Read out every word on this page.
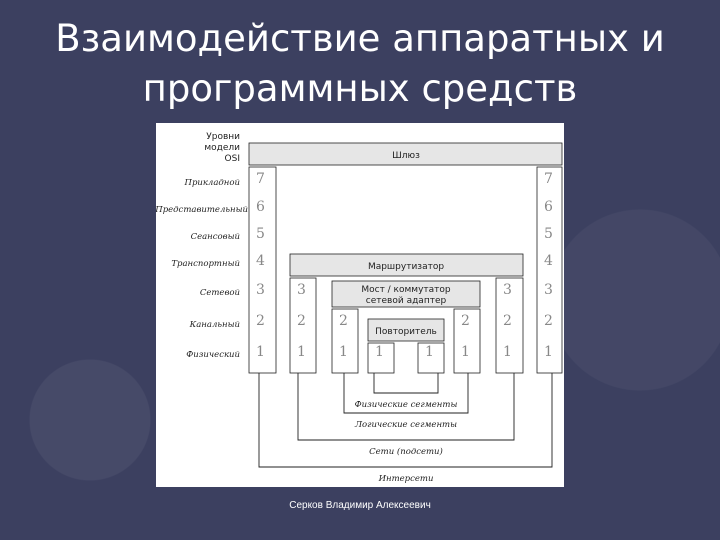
Взаимодействие аппаратных и
программных средств
Уровни
модели
OSI
Прикладной
Представительный
Сеансовый
Транспортный
Сетевой
Канальный
Физический
Шлюз
7
6
5
4
3
2
1
7
6
5
4
3
2
1
Маршрутизатор
3
2
1
3
2
1
Мост / коммутатор
сетевой адаптер
2
1
2
1
Повторитель
1	1
Физические сегменты
Логические сегменты
Сети (подсети)
Интерсети
Серков Владимир Алексеевич
